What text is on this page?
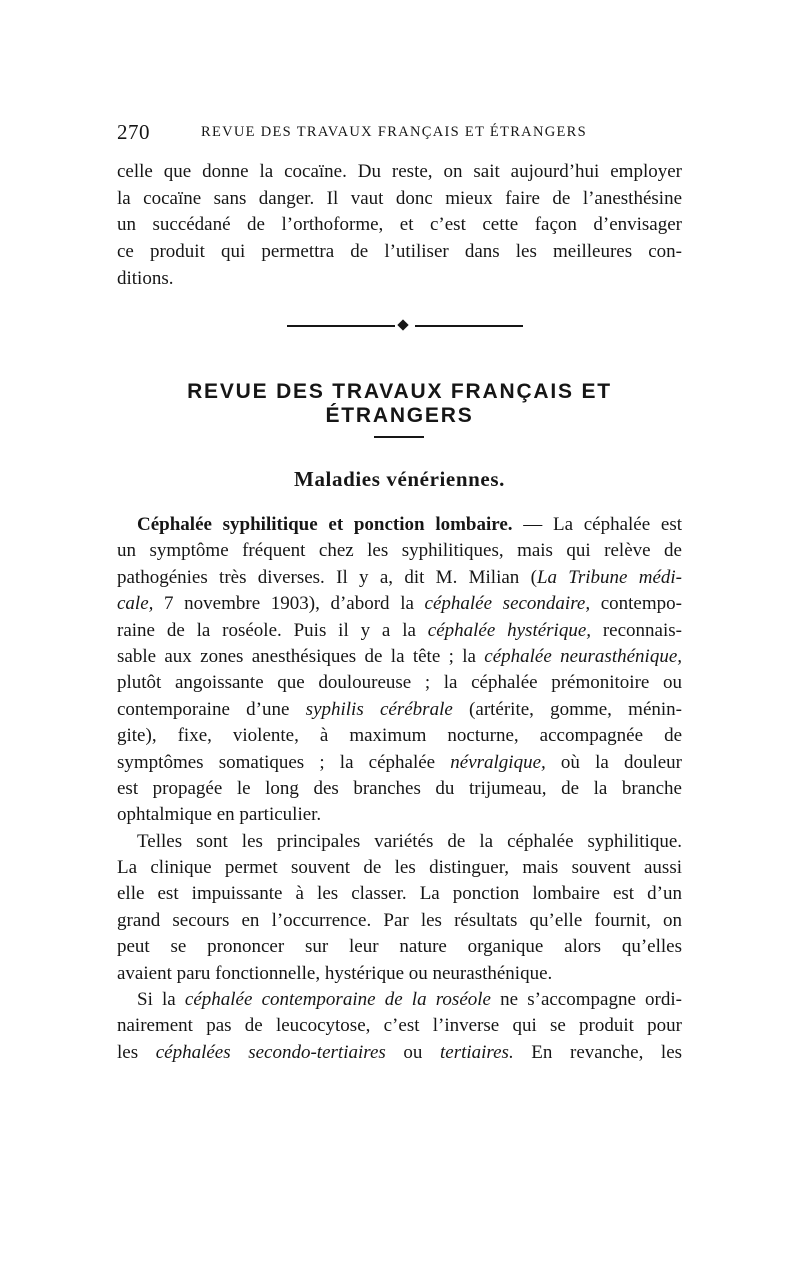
270	REVUE DES TRAVAUX FRANÇAIS ET ÉTRANGERS
celle que donne la cocaïne. Du reste, on sait aujourd’hui employer
la cocaïne sans danger. Il vaut donc mieux faire de l’anesthésine
un succédané de l’orthoforme, et c’est cette façon d’envisager
ce produit qui permettra de l’utiliser dans les meilleures con-
ditions.
REVUE DES TRAVAUX FRANÇAIS ET ÉTRANGERS
Maladies vénériennes.
Céphalée syphilitique et ponction lombaire. — La céphalée est
un symptôme fréquent chez les syphilitiques, mais qui relève de
pathogénies très diverses. Il y a, dit M. Milian (La Tribune médi-
cale, 7 novembre 1903), d’abord la céphalée secondaire, contempo-
raine de la roséole. Puis il y a la céphalée hystérique, reconnais-
sable aux zones anesthésiques de la tête ; la céphalée neurasthénique,
plutôt angoissante que douloureuse ; la céphalée prémonitoire ou
contemporaine d’une syphilis cérébrale (artérite, gomme, ménin-
gite), fixe, violente, à maximum nocturne, accompagnée de
symptômes somatiques ; la céphalée névralgique, où la douleur
est propagée le long des branches du trijumeau, de la branche
ophtalmique en particulier.
Telles sont les principales variétés de la céphalée syphilitique.
La clinique permet souvent de les distinguer, mais souvent aussi
elle est impuissante à les classer. La ponction lombaire est d’un
grand secours en l’occurrence. Par les résultats qu’elle fournit, on
peut se prononcer sur leur nature organique alors qu’elles
avaient paru fonctionnelle, hystérique ou neurasthénique.
Si la céphalée contemporaine de la roséole ne s’accompagne ordi-
nairement pas de leucocytose, c’est l’inverse qui se produit pour
les céphalées secondo-tertiaires ou tertiaires. En revanche, les
